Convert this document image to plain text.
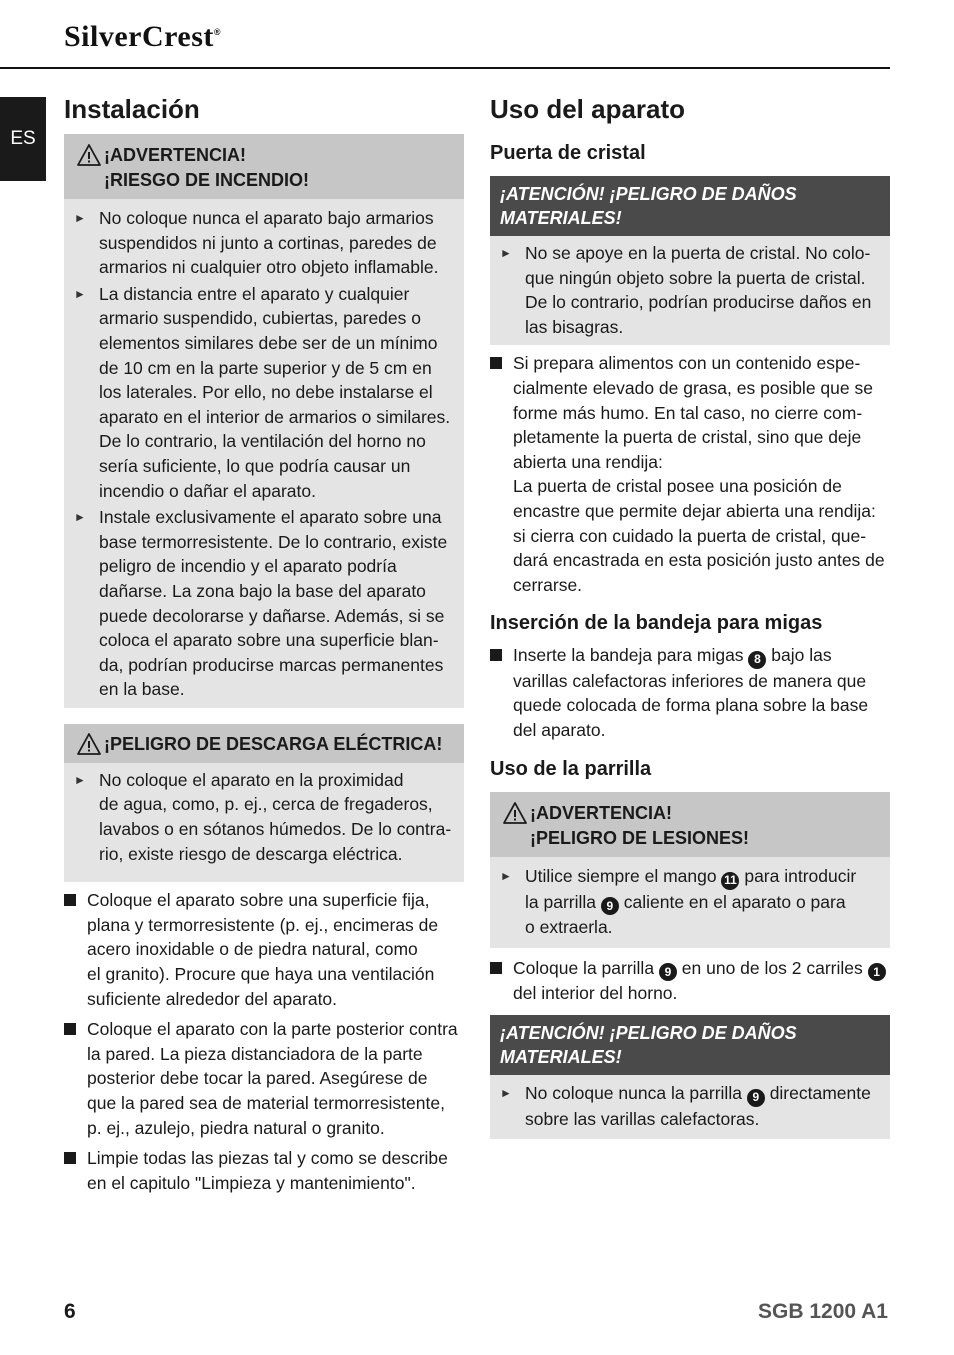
SilverCrest®
ES
Instalación
¡ADVERTENCIA!
¡RIESGO DE INCENDIO!
► No coloque nunca el aparato bajo armarios
suspendidos ni junto a cortinas, paredes de
armarios ni cualquier otro objeto inflamable.
► La distancia entre el aparato y cualquier
armario suspendido, cubiertas, paredes o
elementos similares debe ser de un mínimo
de 10 cm en la parte superior y de 5 cm en
los laterales. Por ello, no debe instalarse el
aparato en el interior de armarios o similares.
De lo contrario, la ventilación del horno no
sería suficiente, lo que podría causar un
incendio o dañar el aparato.
► Instale exclusivamente el aparato sobre una
base termorresistente. De lo contrario, existe
peligro de incendio y el aparato podría
dañarse. La zona bajo la base del aparato
puede decolorarse y dañarse. Además, si se
coloca el aparato sobre una superficie blan-
da, podrían producirse marcas permanentes
en la base.
¡PELIGRO DE DESCARGA ELÉCTRICA!
► No coloque el aparato en la proximidad
de agua, como, p. ej., cerca de fregaderos,
lavabos o en sótanos húmedos. De lo contra-
rio, existe riesgo de descarga eléctrica.
Coloque el aparato sobre una superficie fija,
plana y termorresistente (p. ej., encimeras de
acero inoxidable o de piedra natural, como
el granito). Procure que haya una ventilación
suficiente alrededor del aparato.
Coloque el aparato con la parte posterior contra
la pared. La pieza distanciadora de la parte
posterior debe tocar la pared. Asegúrese de
que la pared sea de material termorresistente,
p. ej., azulejo, piedra natural o granito.
Limpie todas las piezas tal y como se describe
en el capitulo "Limpieza y mantenimiento".
Uso del aparato
Puerta de cristal
¡ATENCIÓN! ¡PELIGRO DE DAÑOS
MATERIALES!
► No se apoye en la puerta de cristal. No colo-
que ningún objeto sobre la puerta de cristal.
De lo contrario, podrían producirse daños en
las bisagras.
Si prepara alimentos con un contenido espe-
cialmente elevado de grasa, es posible que se
forme más humo. En tal caso, no cierre com-
pletamente la puerta de cristal, sino que deje
abierta una rendija:
La puerta de cristal posee una posición de
encastre que permite dejar abierta una rendija:
si cierra con cuidado la puerta de cristal, que-
dará encastrada en esta posición justo antes de
cerrarse.
Inserción de la bandeja para migas
Inserte la bandeja para migas 8 bajo las
varillas calefactoras inferiores de manera que
quede colocada de forma plana sobre la base
del aparato.
Uso de la parrilla
¡ADVERTENCIA!
¡PELIGRO DE LESIONES!
► Utilice siempre el mango 11 para introducir
la parrilla 9 caliente en el aparato o para
o extraerla.
Coloque la parrilla 9 en uno de los 2 carriles 1
del interior del horno.
¡ATENCIÓN! ¡PELIGRO DE DAÑOS
MATERIALES!
► No coloque nunca la parrilla 9 directamente
sobre las varillas calefactoras.
6	SGB 1200 A1
